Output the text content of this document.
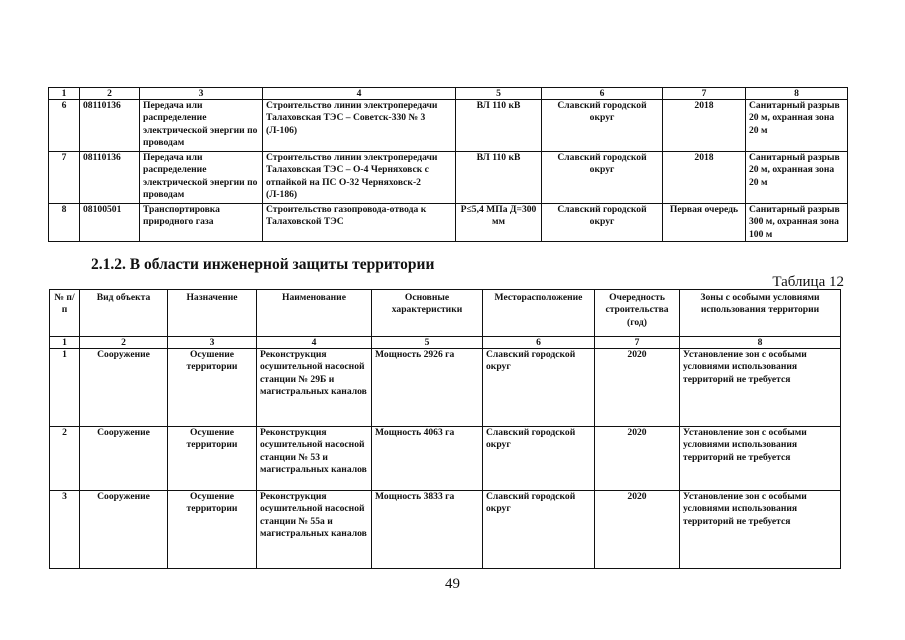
1	2	3	4	5	6	7	8
6	08110136	Передача или распределение электрической энергии по проводам	Строительство линии электропередачи Талаховская ТЭС – Советск-330 № 3 (Л-106)	ВЛ 110 кВ	Славский городской округ	2018	Санитарный разрыв 20 м, охранная зона 20 м
7	08110136	Передача или распределение электрической энергии по проводам	Строительство линии электропередачи Талаховская ТЭС – О-4 Черняховск с отпайкой на ПС О-32 Черняховск-2 (Л-186)	ВЛ 110 кВ	Славский городской округ	2018	Санитарный разрыв 20 м, охранная зона 20 м
8	08100501	Транспортировка природного газа	Строительство газопровода-отвода к Талаховской ТЭС	Р≤5,4 МПа Д=300 мм	Славский городской округ	Первая очередь	Санитарный разрыв 300 м, охранная зона 100 м
2.1.2. В области инженерной защиты территории
Таблица 12
№ п/п	Вид объекта	Назначение	Наименование	Основные характеристики	Месторасположение	Очередность строительства (год)	Зоны с особыми условиями использования территории
1	2	3	4	5	6	7	8
1	Сооружение	Осушение территории	Реконструкция осушительной насосной станции № 29Б и магистральных каналов	Мощность 2926 га	Славский городской округ	2020	Установление зон с особыми условиями использования территорий не требуется
2	Сооружение	Осушение территории	Реконструкция осушительной насосной станции № 53 и магистральных каналов	Мощность 4063 га	Славский городской округ	2020	Установление зон с особыми условиями использования территорий не требуется
3	Сооружение	Осушение территории	Реконструкция осушительной насосной станции № 55а и магистральных каналов	Мощность 3833 га	Славский городской округ	2020	Установление зон с особыми условиями использования территорий не требуется
49
